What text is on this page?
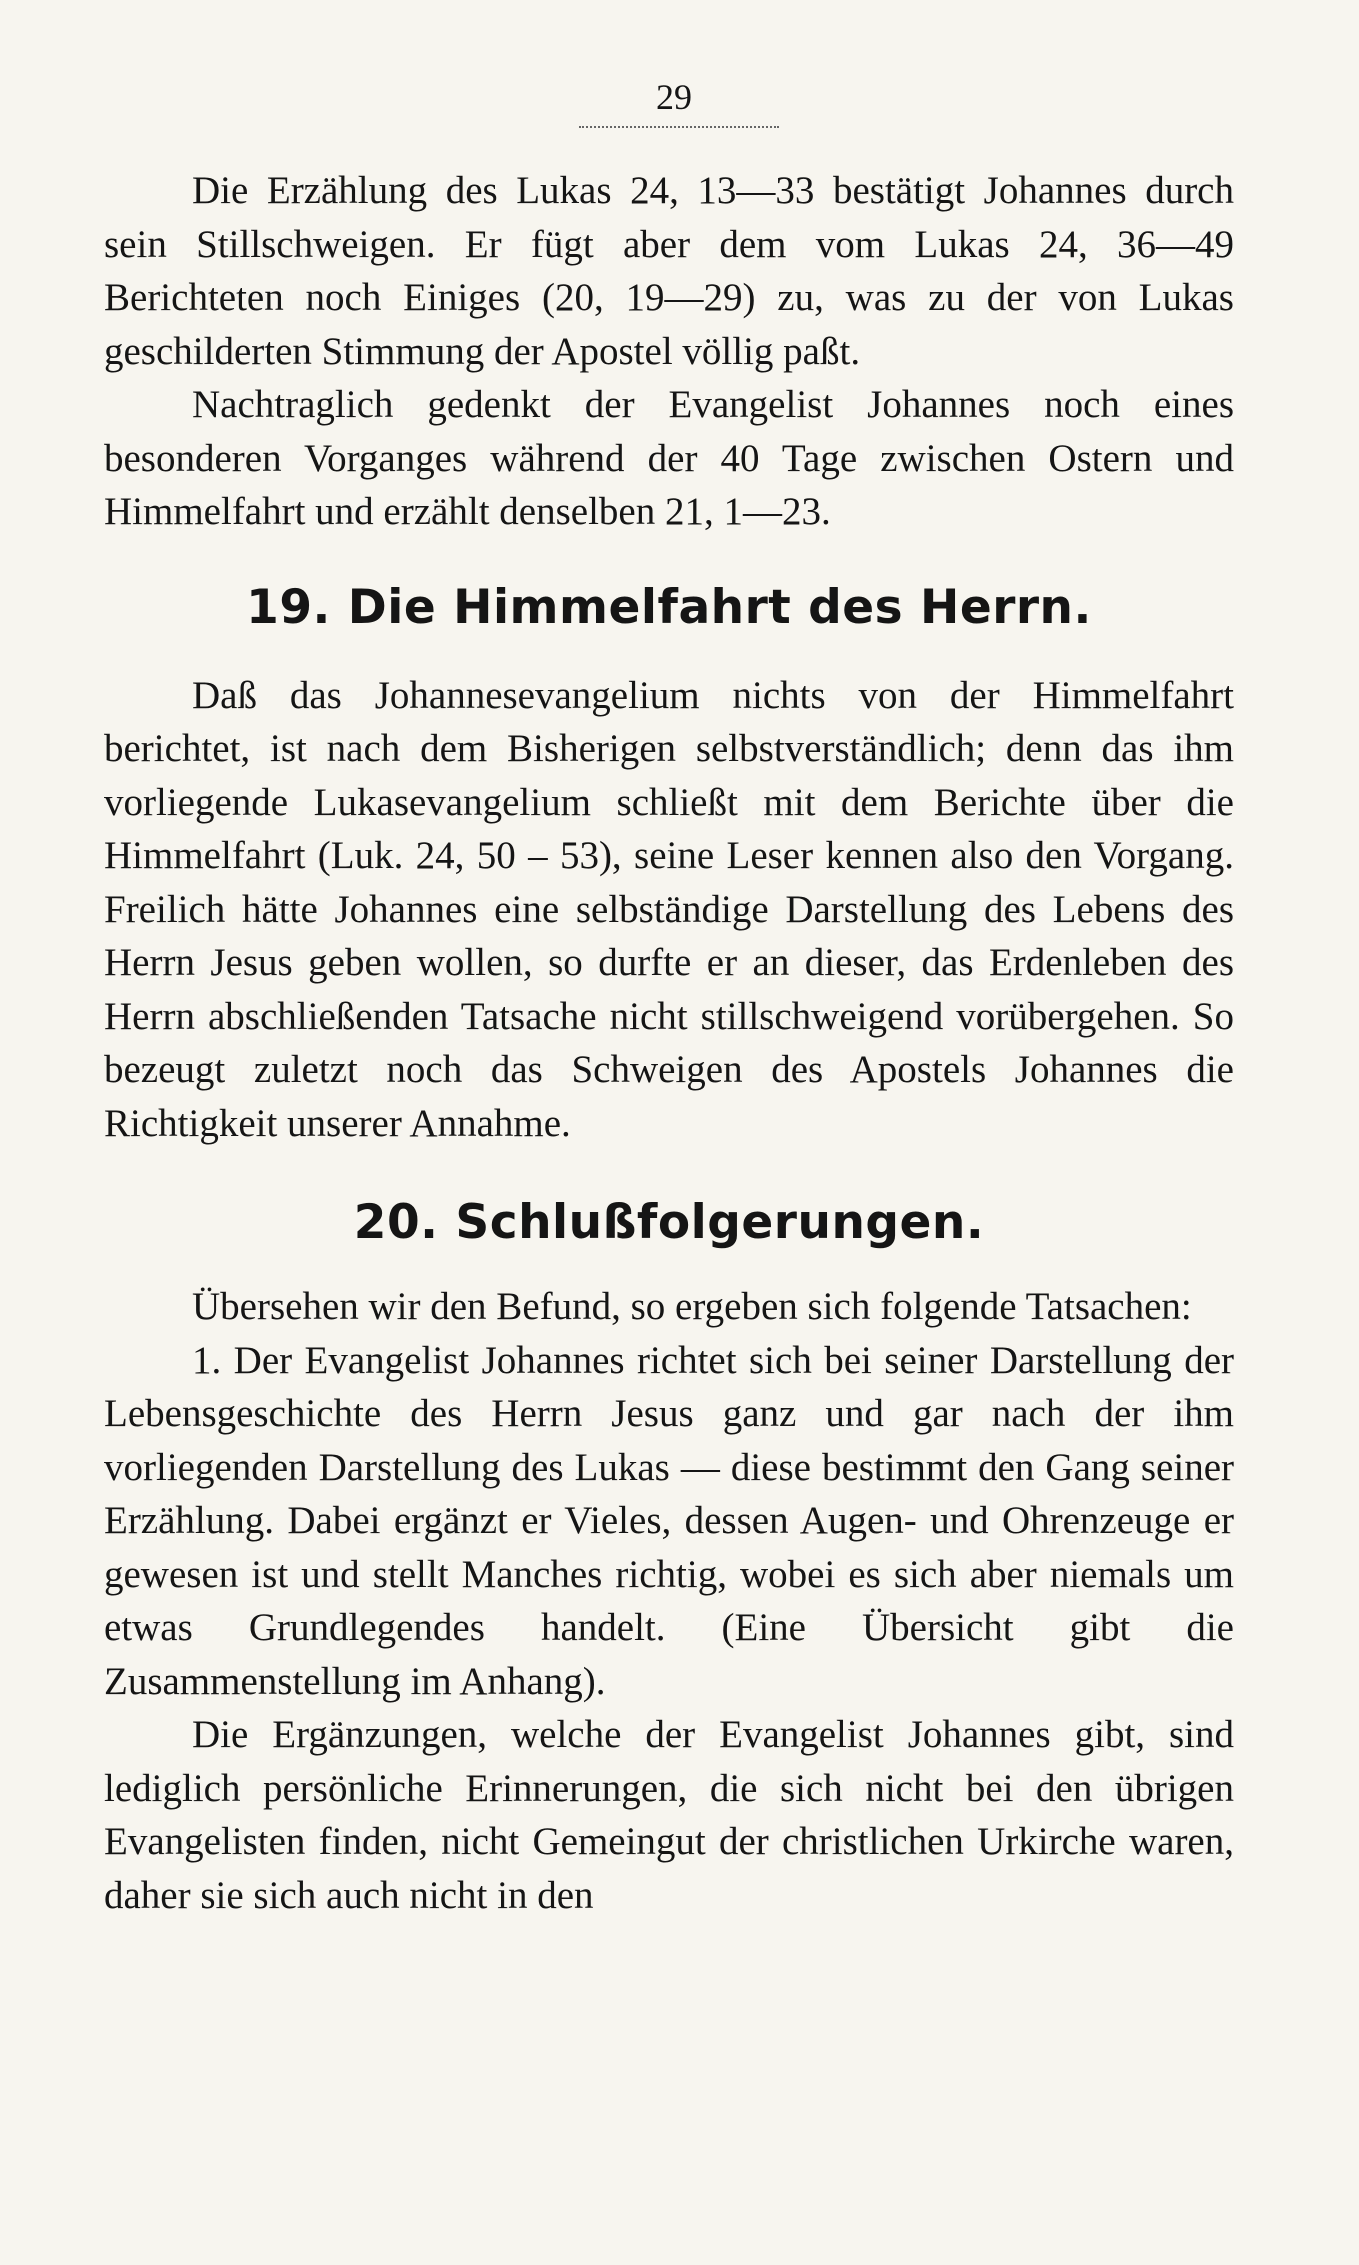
29

Die Erzählung des Lukas 24, 13—33 bestätigt Johannes durch sein Stillschweigen. Er fügt aber dem vom Lukas 24, 36—49 Berichteten noch Einiges (20, 19—29) zu, was zu der von Lukas geschilderten Stimmung der Apostel völlig paßt.

Nachtraglich gedenkt der Evangelist Johannes noch eines besonderen Vorganges während der 40 Tage zwischen Ostern und Himmelfahrt und erzählt denselben 21, 1—23.

19. Die Himmelfahrt des Herrn.

Daß das Johannesevangelium nichts von der Himmelfahrt berichtet, ist nach dem Bisherigen selbstverständlich; denn das ihm vorliegende Lukasevangelium schließt mit dem Berichte über die Himmelfahrt (Luk. 24, 50 – 53), seine Leser kennen also den Vorgang. Freilich hätte Johannes eine selbständige Darstellung des Lebens des Herrn Jesus geben wollen, so durfte er an dieser, das Erdenleben des Herrn abschließenden Tatsache nicht stillschweigend vorübergehen. So bezeugt zuletzt noch das Schweigen des Apostels Johannes die Richtigkeit unserer Annahme.

20. Schlußfolgerungen.

Übersehen wir den Befund, so ergeben sich folgende Tatsachen:

1. Der Evangelist Johannes richtet sich bei seiner Darstellung der Lebensgeschichte des Herrn Jesus ganz und gar nach der ihm vorliegenden Darstellung des Lukas — diese bestimmt den Gang seiner Erzählung. Dabei ergänzt er Vieles, dessen Augen- und Ohrenzeuge er gewesen ist und stellt Manches richtig, wobei es sich aber niemals um etwas Grundlegendes handelt. (Eine Übersicht gibt die Zusammenstellung im Anhang).

Die Ergänzungen, welche der Evangelist Johannes gibt, sind lediglich persönliche Erinnerungen, die sich nicht bei den übrigen Evangelisten finden, nicht Gemeingut der christlichen Urkirche waren, daher sie sich auch nicht in den
